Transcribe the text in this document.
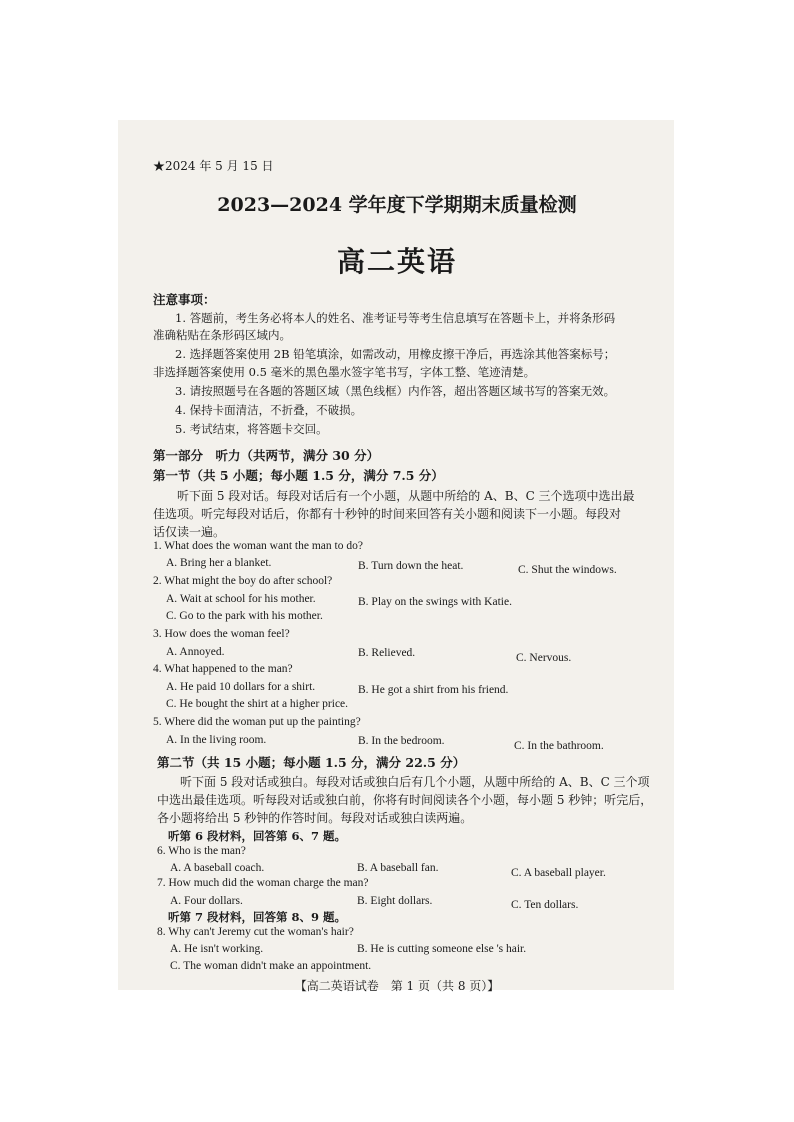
★2024 年 5 月 15 日
2023—2024 学年度下学期期末质量检测
高二英语
注意事项：
1. 答题前，考生务必将本人的姓名、准考证号等考生信息填写在答题卡上，并将条形码
准确粘贴在条形码区域内。
2. 选择题答案使用 2B 铅笔填涂，如需改动，用橡皮擦干净后，再选涂其他答案标号；
非选择题答案使用 0.5 毫米的黑色墨水签字笔书写，字体工整、笔迹清楚。
3. 请按照题号在各题的答题区域（黑色线框）内作答，超出答题区域书写的答案无效。
4. 保持卡面清洁，不折叠，不破损。
5. 考试结束，将答题卡交回。
第一部分　听力（共两节，满分 30 分）
第一节（共 5 小题；每小题 1.5 分，满分 7.5 分）
听下面 5 段对话。每段对话后有一个小题，从题中所给的 A、B、C 三个选项中选出最
佳选项。听完每段对话后，你都有十秒钟的时间来回答有关小题和阅读下一小题。每段对
话仅读一遍。
1. What does the woman want the man to do?
A. Bring her a blanket.	B. Turn down the heat.	C. Shut the windows.
2. What might the boy do after school?
A. Wait at school for his mother.	B. Play on the swings with Katie.
C. Go to the park with his mother.
3. How does the woman feel?
A. Annoyed.	B. Relieved.	C. Nervous.
4. What happened to the man?
A. He paid 10 dollars for a shirt.	B. He got a shirt from his friend.
C. He bought the shirt at a higher price.
5. Where did the woman put up the painting?
A. In the living room.	B. In the bedroom.	C. In the bathroom.
第二节（共 15 小题；每小题 1.5 分，满分 22.5 分）
听下面 5 段对话或独白。每段对话或独白后有几个小题，从题中所给的 A、B、C 三个项
中选出最佳选项。听每段对话或独白前，你将有时间阅读各个小题，每小题 5 秒钟；听完后，
各小题将给出 5 秒钟的作答时间。每段对话或独白读两遍。
听第 6 段材料，回答第 6、7 题。
6. Who is the man?
A. A baseball coach.	B. A baseball fan.	C. A baseball player.
7. How much did the woman charge the man?
A. Four dollars.	B. Eight dollars.	C. Ten dollars.
听第 7 段材料，回答第 8、9 题。
8. Why can't Jeremy cut the woman's hair?
A. He isn't working.	B. He is cutting someone else 's hair.
C. The woman didn't make an appointment.
【高二英语试卷　第 1 页（共 8 页）】
